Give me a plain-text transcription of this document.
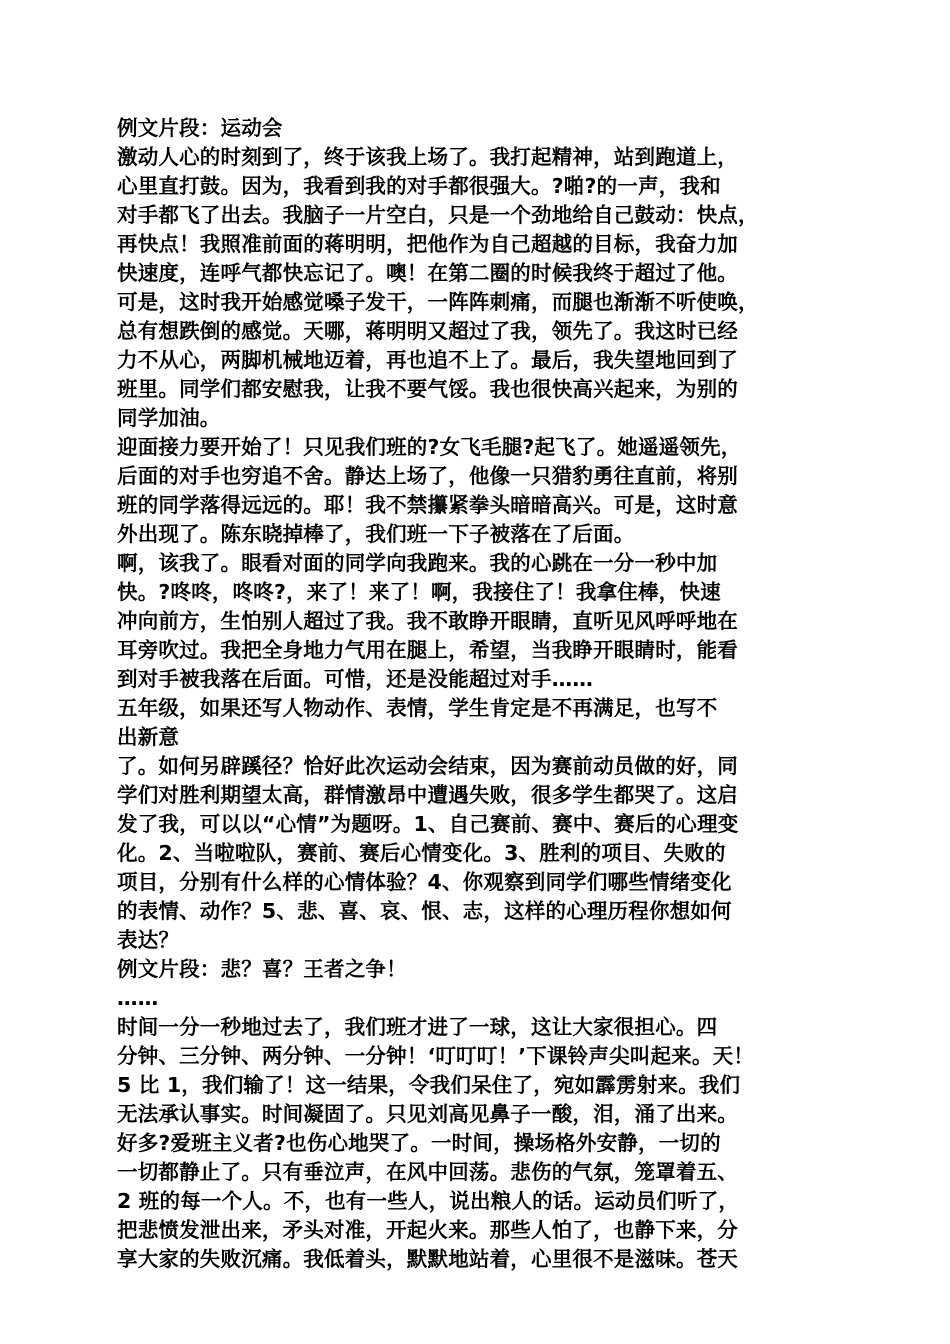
例文片段：运动会
激动人心的时刻到了，终于该我上场了。我打起精神，站到跑道上，
心里直打鼓。因为，我看到我的对手都很强大。?啪?的一声，我和
对手都飞了出去。我脑子一片空白，只是一个劲地给自己鼓动：快点，
再快点！我照准前面的蒋明明，把他作为自己超越的目标，我奋力加
快速度，连呼气都快忘记了。噢！在第二圈的时候我终于超过了他。
可是，这时我开始感觉嗓子发干，一阵阵刺痛，而腿也渐渐不听使唤，
总有想跌倒的感觉。天哪，蒋明明又超过了我，领先了。我这时已经
力不从心，两脚机械地迈着，再也追不上了。最后，我失望地回到了
班里。同学们都安慰我，让我不要气馁。我也很快高兴起来，为别的
同学加油。
迎面接力要开始了！只见我们班的?女飞毛腿?起飞了。她遥遥领先，
后面的对手也穷追不舍。静达上场了，他像一只猎豹勇往直前，将别
班的同学落得远远的。耶！我不禁攥紧拳头暗暗高兴。可是，这时意
外出现了。陈东晓掉棒了，我们班一下子被落在了后面。
啊，该我了。眼看对面的同学向我跑来。我的心跳在一分一秒中加
快。?咚咚，咚咚?，来了！来了！啊，我接住了！我拿住棒，快速
冲向前方，生怕别人超过了我。我不敢睁开眼睛，直听见风呼呼地在
耳旁吹过。我把全身地力气用在腿上，希望，当我睁开眼睛时，能看
到对手被我落在后面。可惜，还是没能超过对手……
五年级，如果还写人物动作、表情，学生肯定是不再满足，也写不
出新意
了。如何另辟蹊径？恰好此次运动会结束，因为赛前动员做的好，同
学们对胜利期望太高，群情激昂中遭遇失败，很多学生都哭了。这启
发了我，可以以“心情”为题呀。1、自己赛前、赛中、赛后的心理变
化。2、当啦啦队，赛前、赛后心情变化。3、胜利的项目、失败的
项目，分别有什么样的心情体验？4、你观察到同学们哪些情绪变化
的表情、动作？5、悲、喜、哀、恨、志，这样的心理历程你想如何
表达？
例文片段：悲？喜？王者之争！
……
时间一分一秒地过去了，我们班才进了一球，这让大家很担心。四
分钟、三分钟、两分钟、一分钟！‘叮叮叮！’下课铃声尖叫起来。天！
5 比 1，我们输了！这一结果，令我们呆住了，宛如霹雳射来。我们
无法承认事实。时间凝固了。只见刘高见鼻子一酸，泪，涌了出来。
好多?爱班主义者?也伤心地哭了。一时间，操场格外安静，一切的
一切都静止了。只有垂泣声，在风中回荡。悲伤的气氛，笼罩着五、
2 班的每一个人。不，也有一些人，说出粮人的话。运动员们听了，
把悲愤发泄出来，矛头对准，开起火来。那些人怕了，也静下来，分
享大家的失败沉痛。我低着头，默默地站着，心里很不是滋味。苍天
